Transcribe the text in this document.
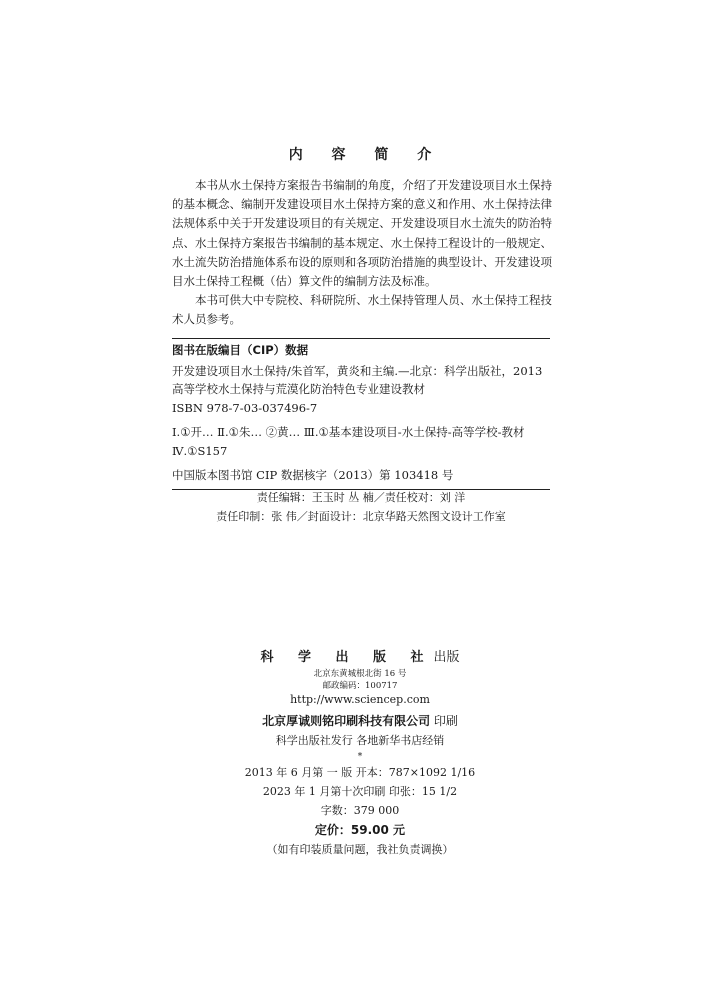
内 容 简 介

本书从水土保持方案报告书编制的角度，介绍了开发建设项目水土保持的基本概念、编制开发建设项目水土保持方案的意义和作用、水土保持法律法规体系中关于开发建设项目的有关规定、开发建设项目水土流失的防治特点、水土保持方案报告书编制的基本规定、水土保持工程设计的一般规定、水土流失防治措施体系布设的原则和各项防治措施的典型设计、开发建设项目水土保持工程概（估）算文件的编制方法及标准。

本书可供大中专院校、科研院所、水土保持管理人员、水土保持工程技术人员参考。

图书在版编目（CIP）数据
开发建设项目水土保持/朱首军，黄炎和主编.—北京：科学出版社，2013
高等学校水土保持与荒漠化防治特色专业建设教材
ISBN 978-7-03-037496-7
Ⅰ.①开… Ⅱ.①朱… ②黄… Ⅲ.①基本建设项目-水土保持-高等学校-教材 Ⅳ.①S157
中国版本图书馆 CIP 数据核字（2013）第 103418 号
责任编辑：王玉时 丛 楠／责任校对：刘 洋
责任印制：张 伟／封面设计：北京华路天然图文设计工作室
科 学 出 版 社出版
北京东黄城根北街 16 号
邮政编码：100717
http://www.sciencep.com
北京厚诚则铭印刷科技有限公司 印刷
科学出版社发行 各地新华书店经销
*
2013 年 6 月第 一 版 开本：787×1092 1/16
2023 年 1 月第十次印刷 印张：15 1/2
字数：379 000
定价：59.00 元
（如有印装质量问题，我社负责调换）
